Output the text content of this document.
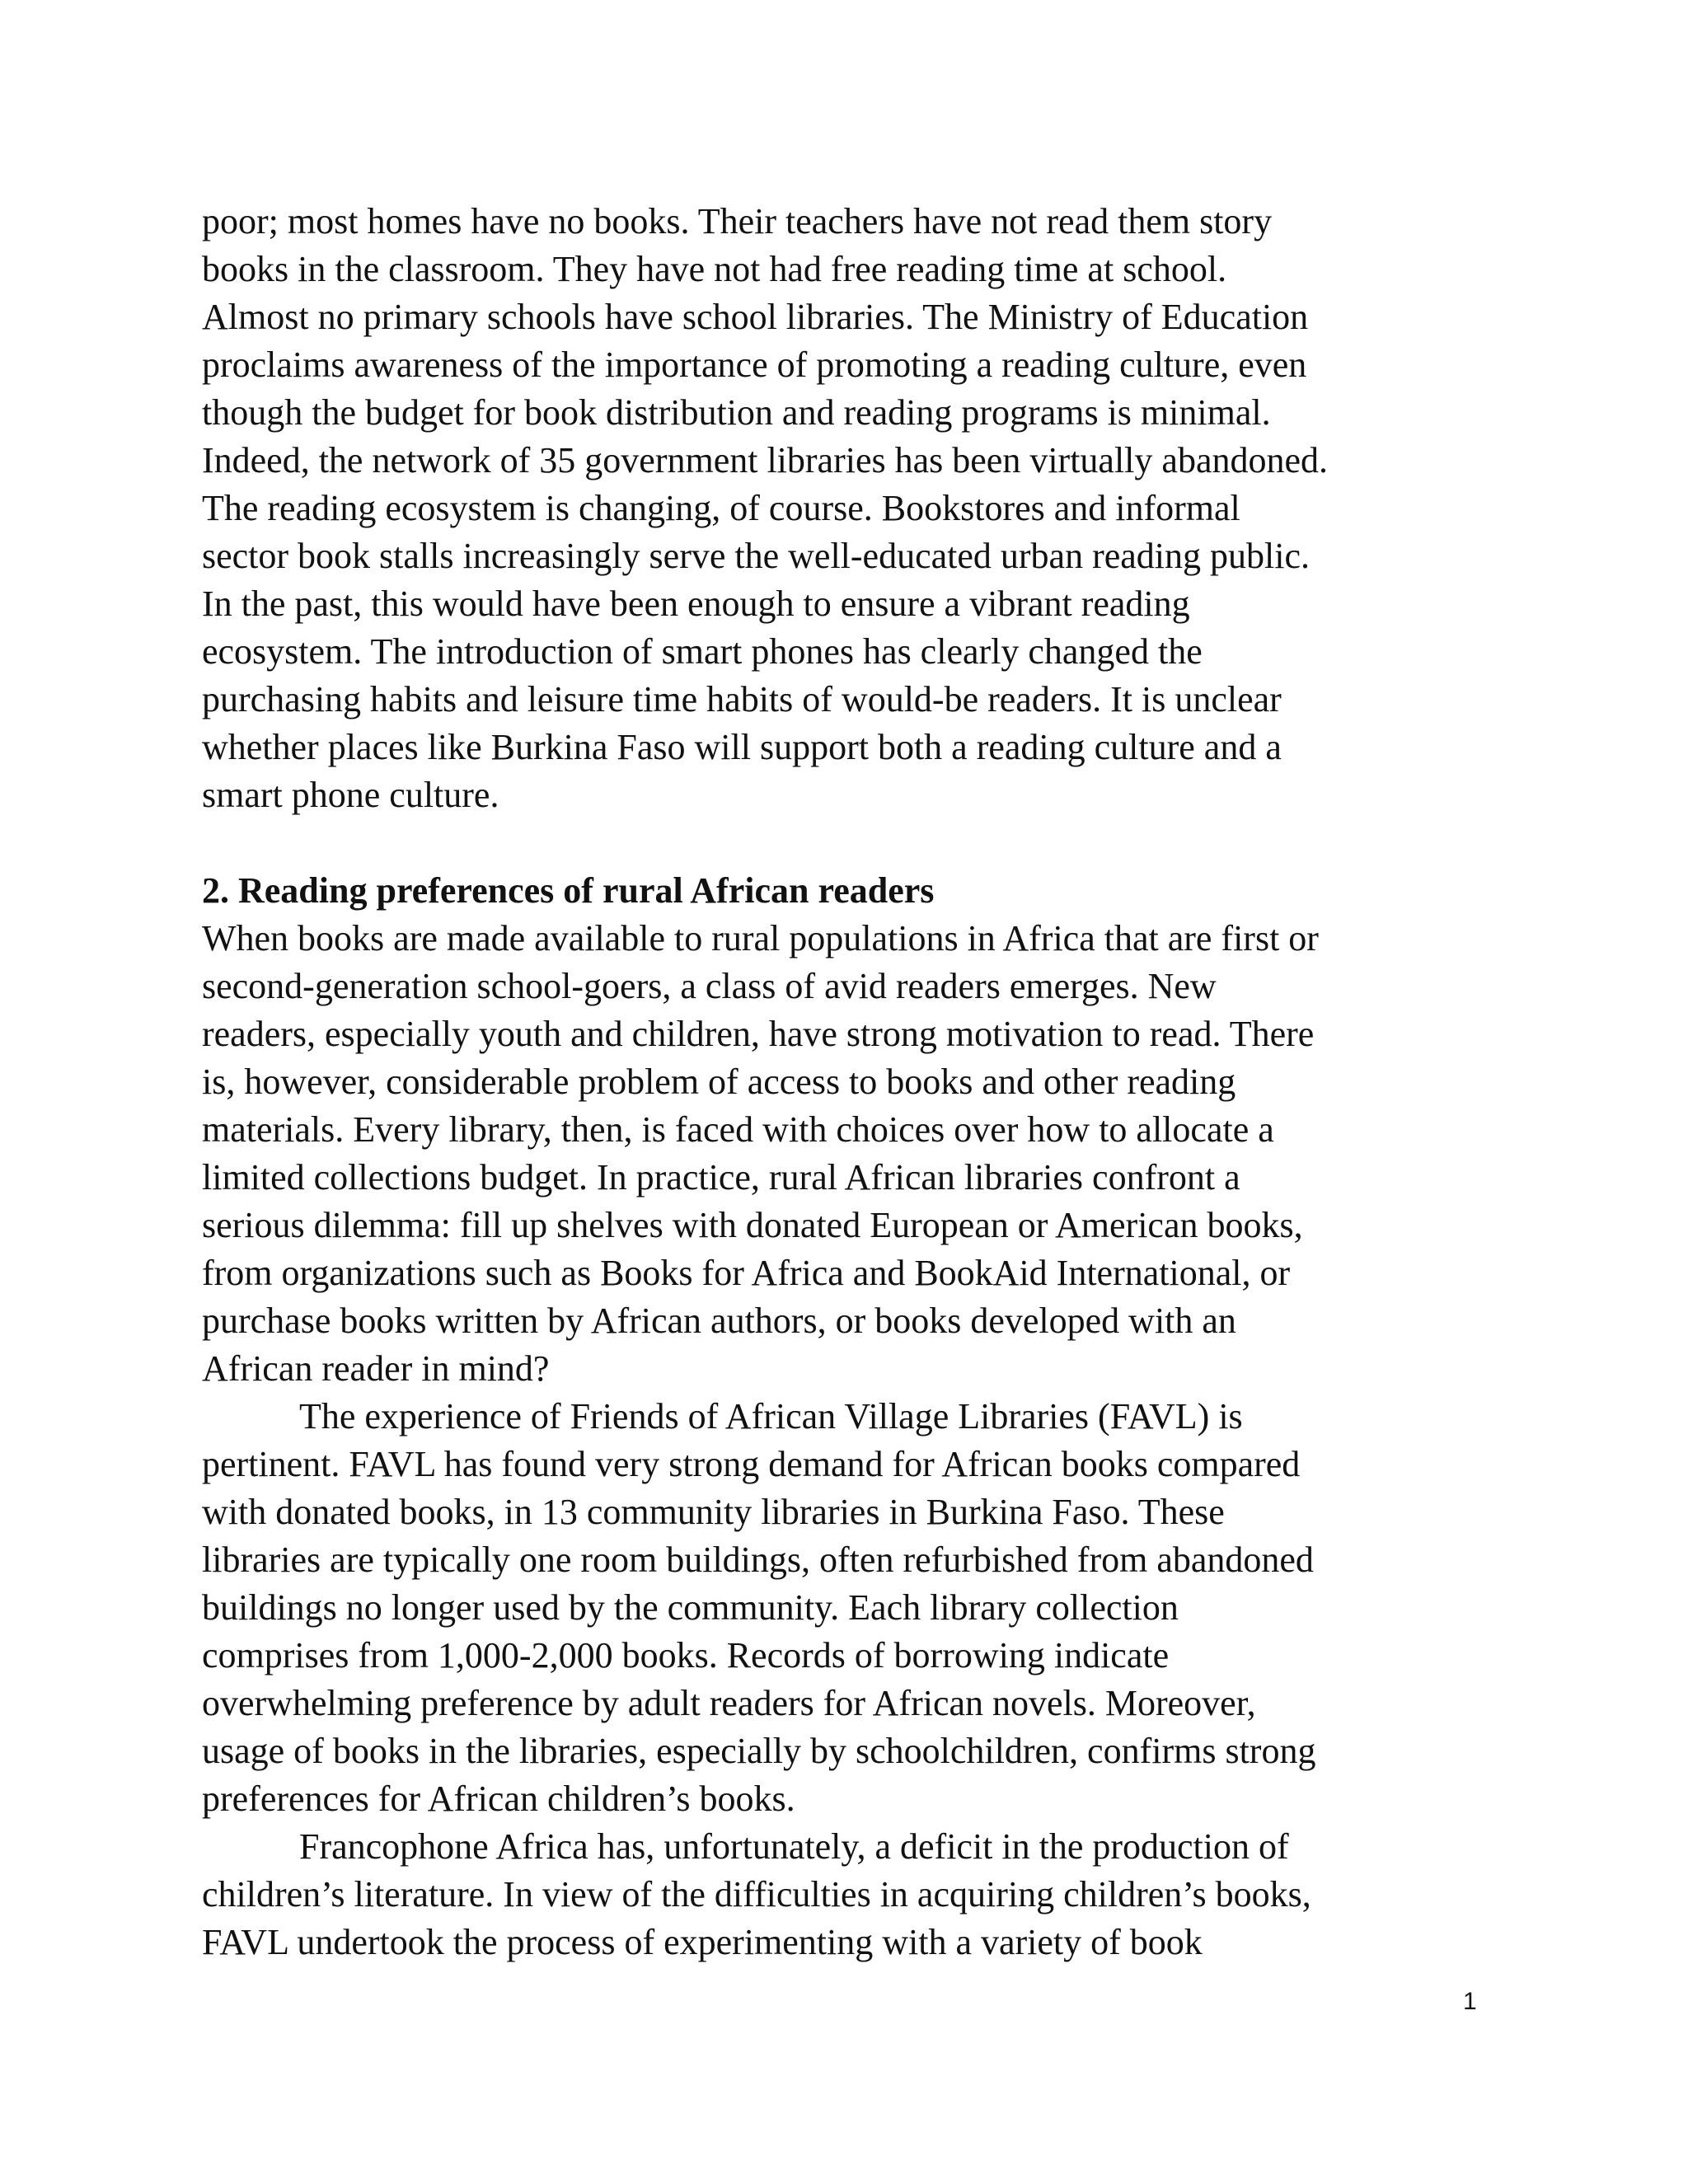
poor; most homes have no books. Their teachers have not read them story
books in the classroom. They have not had free reading time at school.
Almost no primary schools have school libraries. The Ministry of Education
proclaims awareness of the importance of promoting a reading culture, even
though the budget for book distribution and reading programs is minimal.
Indeed, the network of 35 government libraries has been virtually abandoned.
The reading ecosystem is changing, of course. Bookstores and informal
sector book stalls increasingly serve the well-educated urban reading public.
In the past, this would have been enough to ensure a vibrant reading
ecosystem. The introduction of smart phones has clearly changed the
purchasing habits and leisure time habits of would-be readers. It is unclear
whether places like Burkina Faso will support both a reading culture and a
smart phone culture.
2. Reading preferences of rural African readers
When books are made available to rural populations in Africa that are first or
second-generation school-goers, a class of avid readers emerges. New
readers, especially youth and children, have strong motivation to read. There
is, however, considerable problem of access to books and other reading
materials. Every library, then, is faced with choices over how to allocate a
limited collections budget. In practice, rural African libraries confront a
serious dilemma: fill up shelves with donated European or American books,
from organizations such as Books for Africa and BookAid International, or
purchase books written by African authors, or books developed with an
African reader in mind?
The experience of Friends of African Village Libraries (FAVL) is
pertinent. FAVL has found very strong demand for African books compared
with donated books, in 13 community libraries in Burkina Faso. These
libraries are typically one room buildings, often refurbished from abandoned
buildings no longer used by the community. Each library collection
comprises from 1,000-2,000 books. Records of borrowing indicate
overwhelming preference by adult readers for African novels. Moreover,
usage of books in the libraries, especially by schoolchildren, confirms strong
preferences for African children’s books.
Francophone Africa has, unfortunately, a deficit in the production of
children’s literature. In view of the difficulties in acquiring children’s books,
FAVL undertook the process of experimenting with a variety of book
1
